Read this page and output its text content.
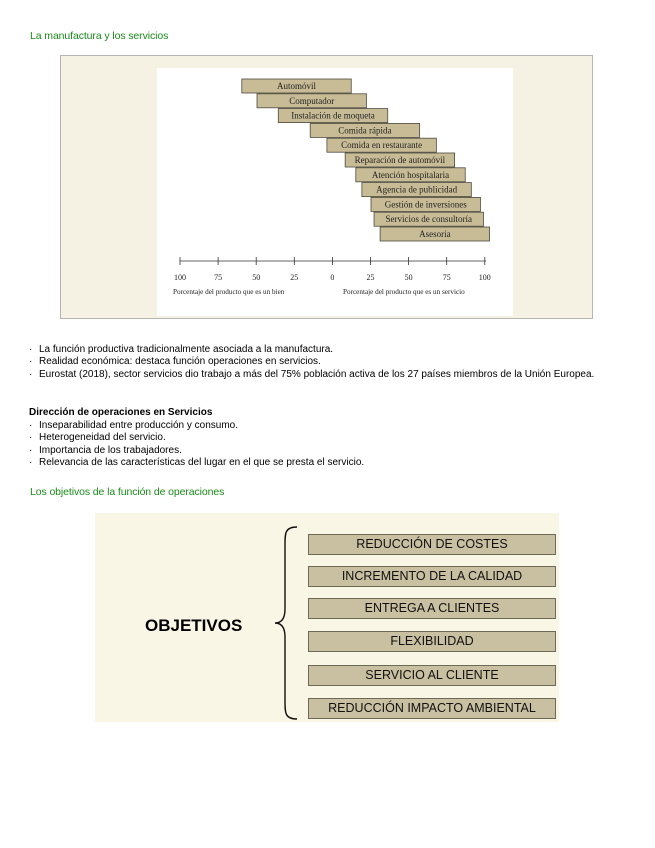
La manufactura y los servicios
Automóvil
Computador
Instalación de moqueta
Comida rápida
Comida en restaurante
Reparación de automóvil
Atención hospitalaria
Agencia de publicidad
Gestión de inversiones
Servicios de consultoría
Asesoría
100	75	50	25	0	25	50	75	100
Porcentaje del producto que es un bien	Porcentaje del producto que es un servicio
· La función productiva tradicionalmente asociada a la manufactura.
· Realidad económica: destaca función operaciones en servicios.
· Eurostat (2018), sector servicios dio trabajo a más del 75% población activa de los 27 países miembros de la Unión Europea.
Dirección de operaciones en Servicios
· Inseparabilidad entre producción y consumo.
· Heterogeneidad del servicio.
· Importancia de los trabajadores.
· Relevancia de las características del lugar en el que se presta el servicio.
Los objetivos de la función de operaciones
OBJETIVOS
REDUCCIÓN DE COSTES
INCREMENTO DE LA CALIDAD
ENTREGA A CLIENTES
FLEXIBILIDAD
SERVICIO AL CLIENTE
REDUCCIÓN IMPACTO AMBIENTAL
